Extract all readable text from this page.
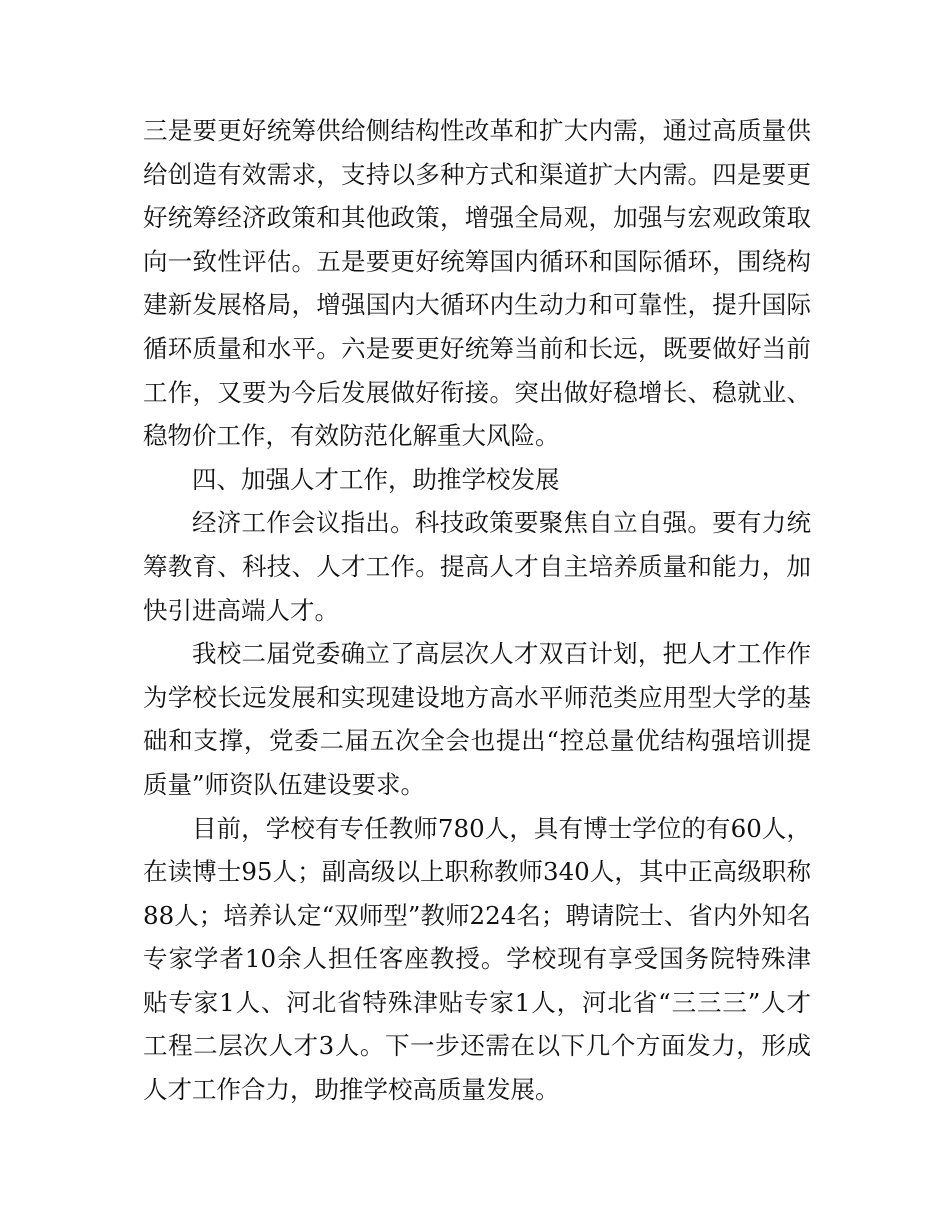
三是要更好统筹供给侧结构性改革和扩大内需，通过高质量供给创造有效需求，支持以多种方式和渠道扩大内需。四是要更好统筹经济政策和其他政策，增强全局观，加强与宏观政策取向一致性评估。五是要更好统筹国内循环和国际循环，围绕构建新发展格局，增强国内大循环内生动力和可靠性，提升国际循环质量和水平。六是要更好统筹当前和长远，既要做好当前工作，又要为今后发展做好衔接。突出做好稳增长、稳就业、稳物价工作，有效防范化解重大风险。

四、加强人才工作，助推学校发展

经济工作会议指出。科技政策要聚焦自立自强。要有力统筹教育、科技、人才工作。提高人才自主培养质量和能力，加快引进高端人才。

我校二届党委确立了高层次人才双百计划，把人才工作作为学校长远发展和实现建设地方高水平师范类应用型大学的基础和支撑，党委二届五次全会也提出“控总量优结构强培训提质量”师资队伍建设要求。

目前，学校有专任教师780人，具有博士学位的有60人，在读博士95人；副高级以上职称教师340人，其中正高级职称88人；培养认定“双师型”教师224名；聘请院士、省内外知名专家学者10余人担任客座教授。学校现有享受国务院特殊津贴专家1人、河北省特殊津贴专家1人，河北省“三三三”人才工程二层次人才3人。下一步还需在以下几个方面发力，形成人才工作合力，助推学校高质量发展。
